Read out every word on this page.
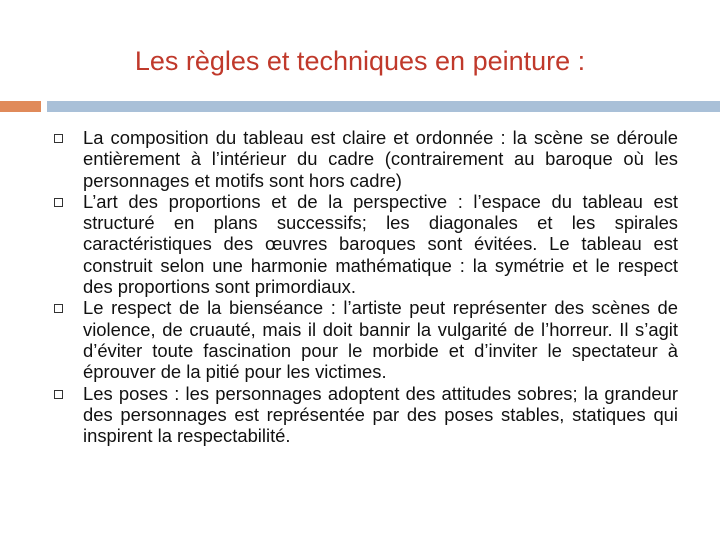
Les règles et techniques en peinture :
La composition du tableau est claire et ordonnée : la scène se déroule entièrement à l’intérieur du cadre (contrairement au baroque où les personnages et motifs sont hors cadre)
L’art des proportions et de la perspective : l’espace du tableau est structuré en plans successifs; les diagonales et les spirales caractéristiques des œuvres baroques sont évitées. Le tableau est construit selon une harmonie mathématique : la symétrie et le respect des proportions sont primordiaux.
Le respect de la bienséance : l’artiste peut représenter des scènes de violence, de cruauté, mais il doit bannir la vulgarité de l’horreur. Il s’agit d’éviter toute fascination pour le morbide et d’inviter le spectateur à éprouver de la pitié pour les victimes.
Les poses : les personnages adoptent des attitudes sobres; la grandeur des personnages est représentée par des poses stables, statiques qui inspirent la respectabilité.
